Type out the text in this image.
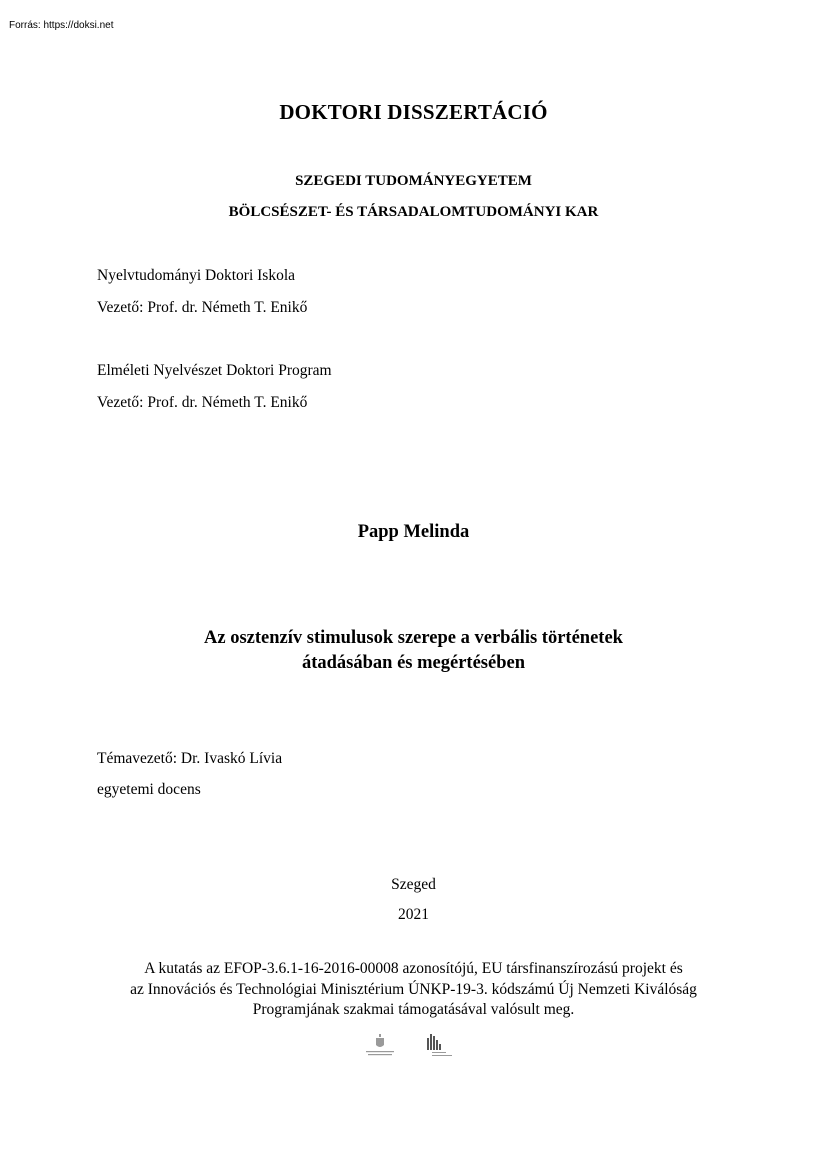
Forrás: https://doksi.net
DOKTORI DISSZERTÁCIÓ
SZEGEDI TUDOMÁNYEGYETEM
BÖLCSÉSZET- ÉS TÁRSADALOMTUDOMÁNYI KAR
Nyelvtudományi Doktori Iskola
Vezető: Prof. dr. Németh T. Enikő
Elméleti Nyelvészet Doktori Program
Vezető: Prof. dr. Németh T. Enikő
Papp Melinda
Az osztenzív stimulusok szerepe a verbális történetek
átadásában és megértésében
Témavezető: Dr. Ivaskó Lívia
egyetemi docens
Szeged
2021
A kutatás az EFOP-3.6.1-16-2016-00008 azonosítójú, EU társfinanszírozású projekt és
az Innovációs és Technológiai Minisztérium ÚNKP-19-3. kódszámú Új Nemzeti Kiválóság
Programjának szakmai támogatásával valósult meg.
